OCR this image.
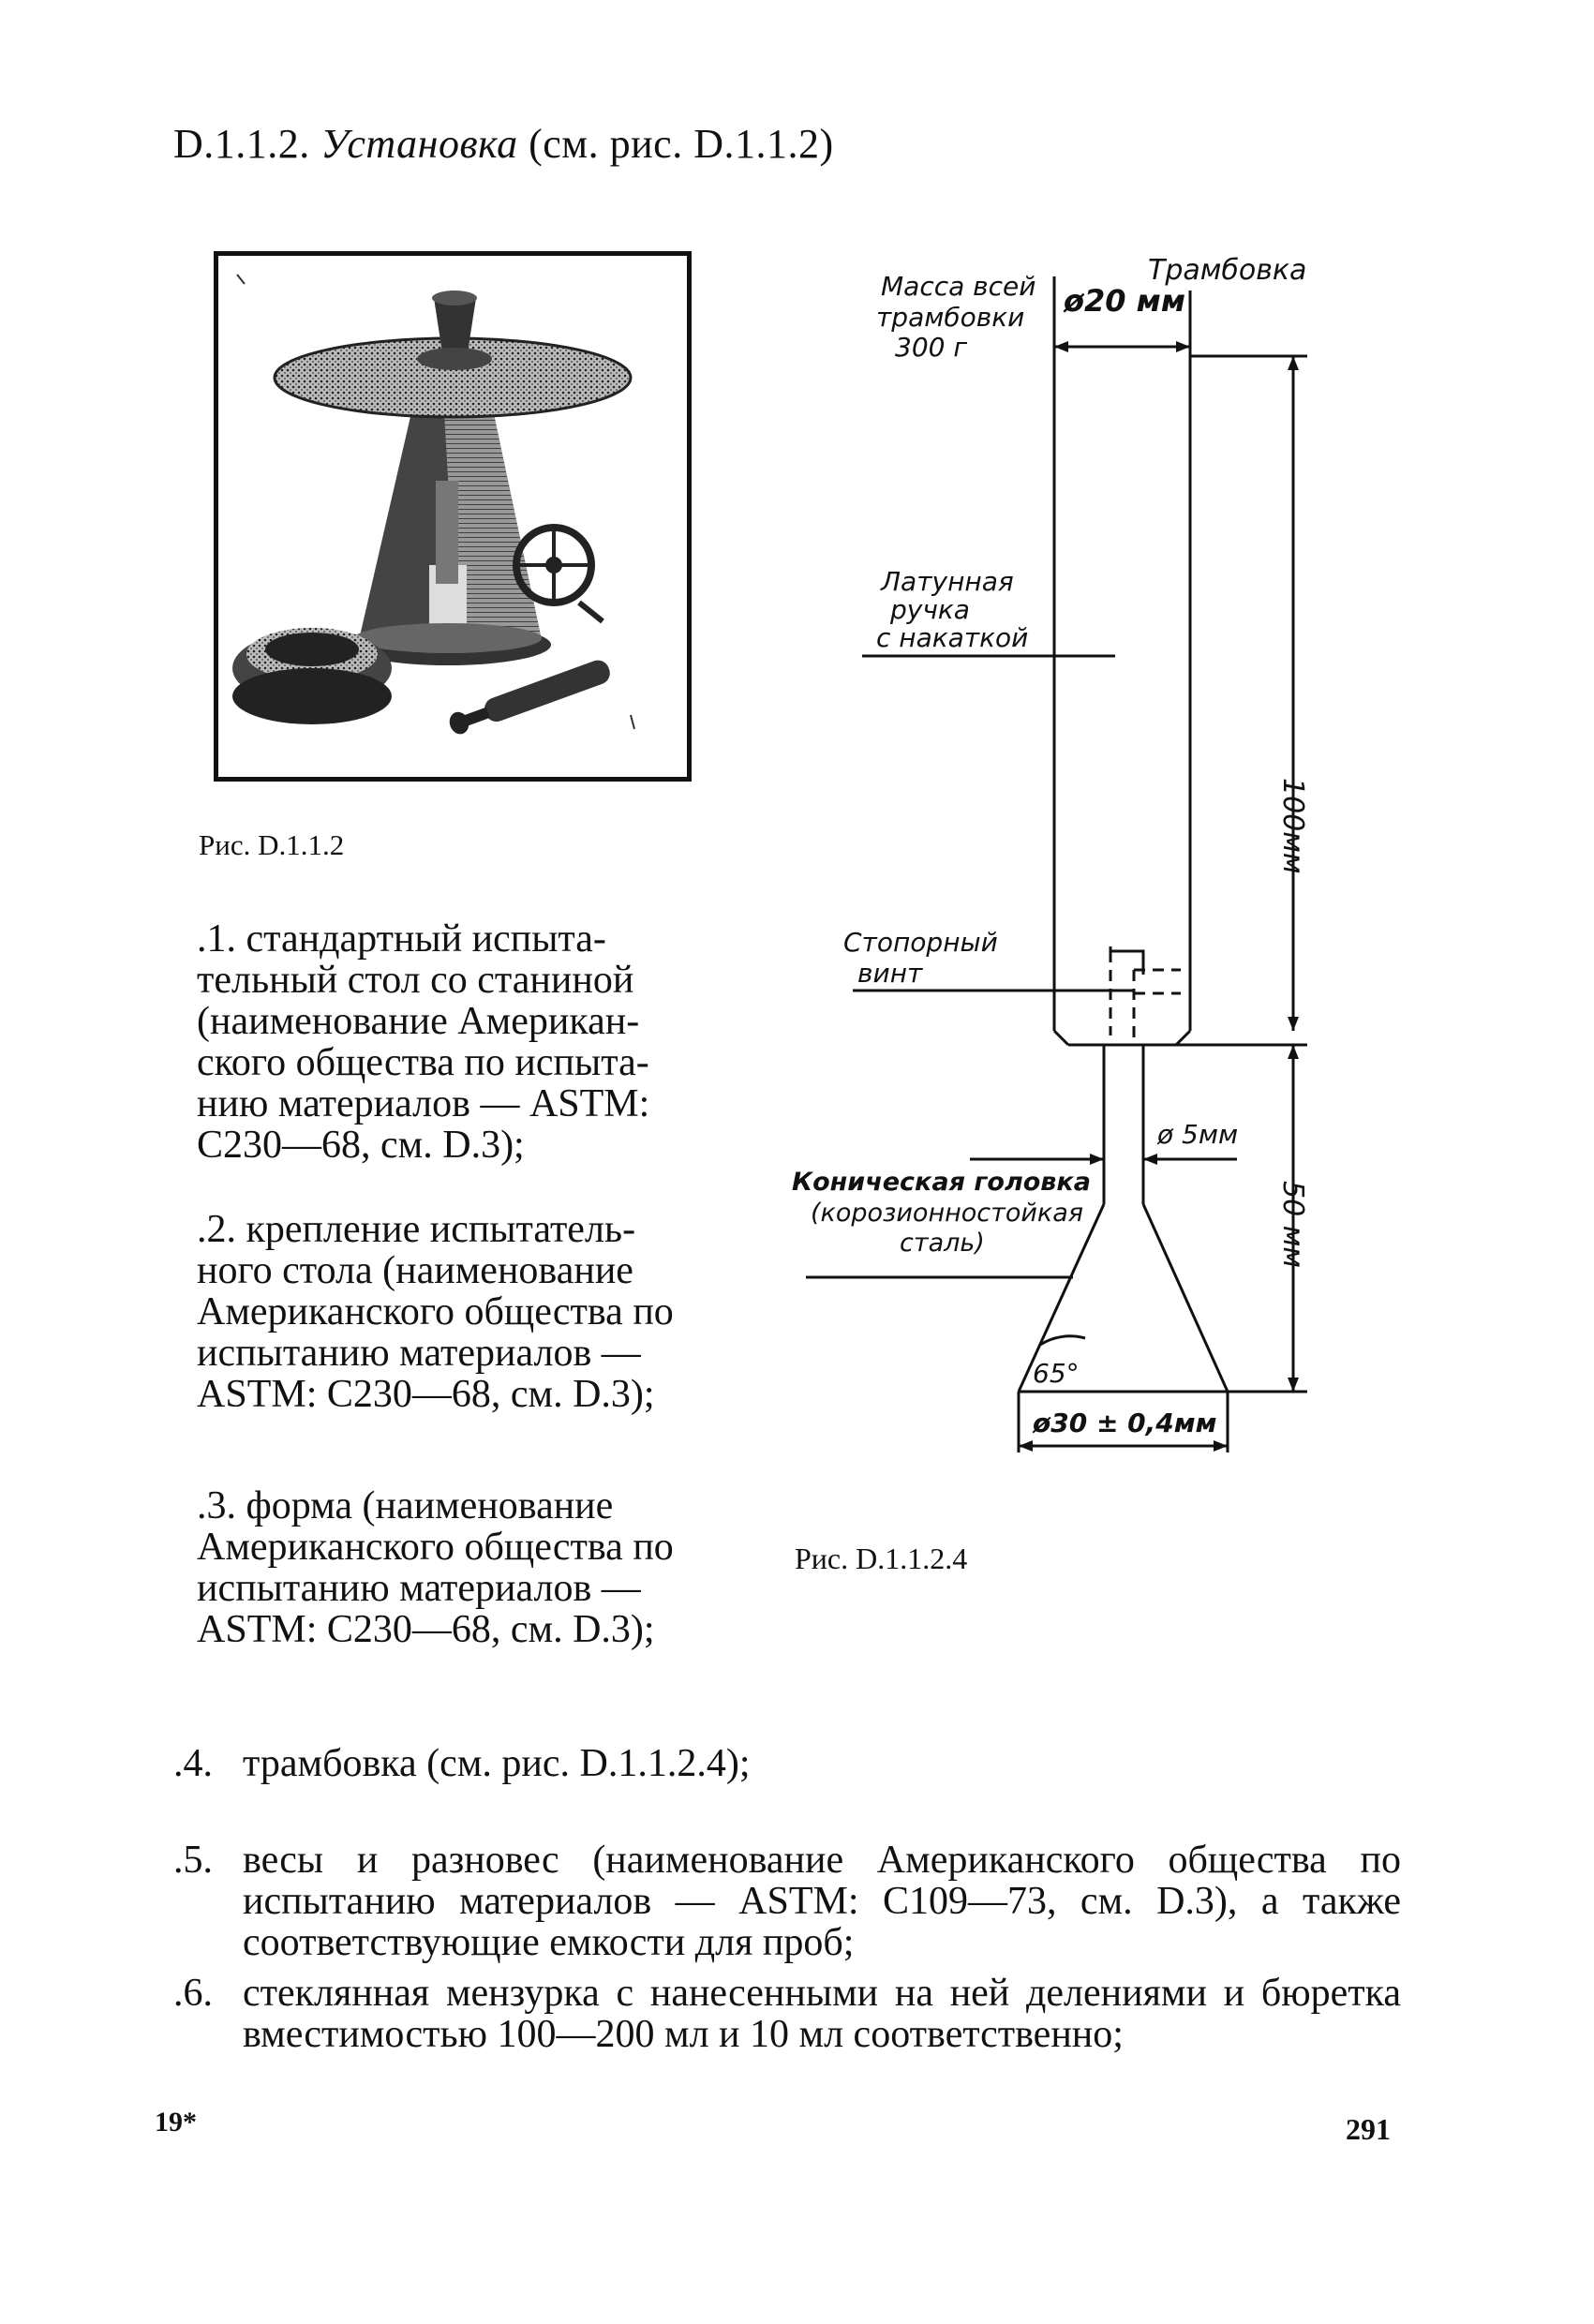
D.1.1.2. Установка (см. рис. D.1.1.2)
Рис. D.1.1.2
Масса всей
трамбовки
300 г
Трамбовка
ø20 мм
Латунная
ручка
с накаткой
Стопорный
винт
100мм
ø 5мм
Коническая головка
(корозионностойкая
сталь)	50 мм
65°
ø30 ± 0,4мм
Рис. D.1.1.2.4
.1. стандартный испыта-
тельный стол со станиной
(наименование Американ-
ского общества по испыта-
нию материалов — ASTM:
C230—68, см. D.3);
.2. крепление испытатель-
ного стола (наименование
Американского общества по
испытанию материалов —
ASTM: C230—68, см. D.3);
.3. форма (наименование
Американского общества по
испытанию материалов —
ASTM: C230—68, см. D.3);
.4. трамбовка (см. рис. D.1.1.2.4);
.5. весы и разновес (наименование Американского общества по испытанию материалов — ASTM: C109—73, см. D.3), а также соответствующие емкости для проб;
.6. стеклянная мензурка с нанесенными на ней делениями и бюретка вместимостью 100—200 мл и 10 мл соответственно;
19*	291
